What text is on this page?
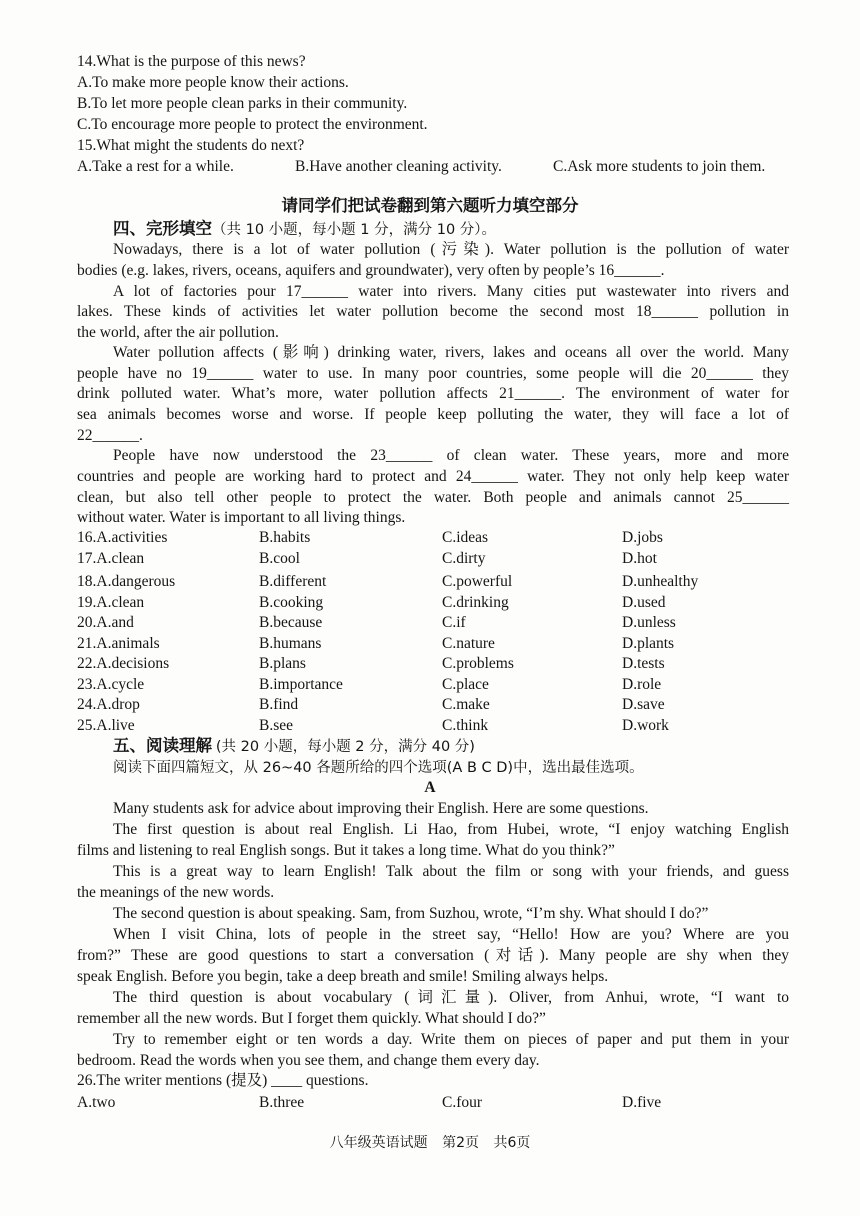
14.What is the purpose of this news?
A.To make more people know their actions.
B.To let more people clean parks in their community.
C.To encourage more people to protect the environment.
15.What might the students do next?
A.Take a rest for a while.	B.Have another cleaning activity.	C.Ask more students to join them.
请同学们把试卷翻到第六题听力填空部分
四、完形填空（共 10 小题，每小题 1 分，满分 10 分）。
Nowadays, there is a lot of water pollution (污染). Water pollution is the pollution of water
bodies (e.g. lakes, rivers, oceans, aquifers and groundwater), very often by people’s 16______.
A lot of factories pour 17______ water into rivers. Many cities put wastewater into rivers and
lakes. These kinds of activities let water pollution become the second most 18______ pollution in
the world, after the air pollution.
Water pollution affects (影响) drinking water, rivers, lakes and oceans all over the world. Many
people have no 19______ water to use. In many poor countries, some people will die 20______ they
drink polluted water. What’s more, water pollution affects 21______. The environment of water for
sea animals becomes worse and worse. If people keep polluting the water, they will face a lot of
22______.
People have now understood the 23______ of clean water. These years, more and more
countries and people are working hard to protect and 24______ water. They not only help keep water
clean, but also tell other people to protect the water. Both people and animals cannot 25______
without water. Water is important to all living things.
16.A.activities	B.habits	C.ideas	D.jobs
17.A.clean	B.cool	C.dirty	D.hot
18.A.dangerous	B.different	C.powerful	D.unhealthy
19.A.clean	B.cooking	C.drinking	D.used
20.A.and	B.because	C.if	D.unless
21.A.animals	B.humans	C.nature	D.plants
22.A.decisions	B.plans	C.problems	D.tests
23.A.cycle	B.importance	C.place	D.role
24.A.drop	B.find	C.make	D.save
25.A.live	B.see	C.think	D.work
五、阅读理解 (共 20 小题，每小题 2 分，满分 40 分)
阅读下面四篇短文，从 26~40 各题所给的四个选项(A B C D)中，选出最佳选项。
A
Many students ask for advice about improving their English. Here are some questions.
The first question is about real English. Li Hao, from Hubei, wrote, “I enjoy watching English
films and listening to real English songs. But it takes a long time. What do you think?”
This is a great way to learn English! Talk about the film or song with your friends, and guess
the meanings of the new words.
The second question is about speaking. Sam, from Suzhou, wrote, “I’m shy. What should I do?”
When I visit China, lots of people in the street say, “Hello! How are you? Where are you
from?” These are good questions to start a conversation (对话). Many people are shy when they
speak English. Before you begin, take a deep breath and smile! Smiling always helps.
The third question is about vocabulary (词汇量). Oliver, from Anhui, wrote, “I want to
remember all the new words. But I forget them quickly. What should I do?”
Try to remember eight or ten words a day. Write them on pieces of paper and put them in your
bedroom. Read the words when you see them, and change them every day.
26.The writer mentions (提及) ____ questions.
A.two	B.three	C.four	D.five
八年级英语试题 第2页 共6页
